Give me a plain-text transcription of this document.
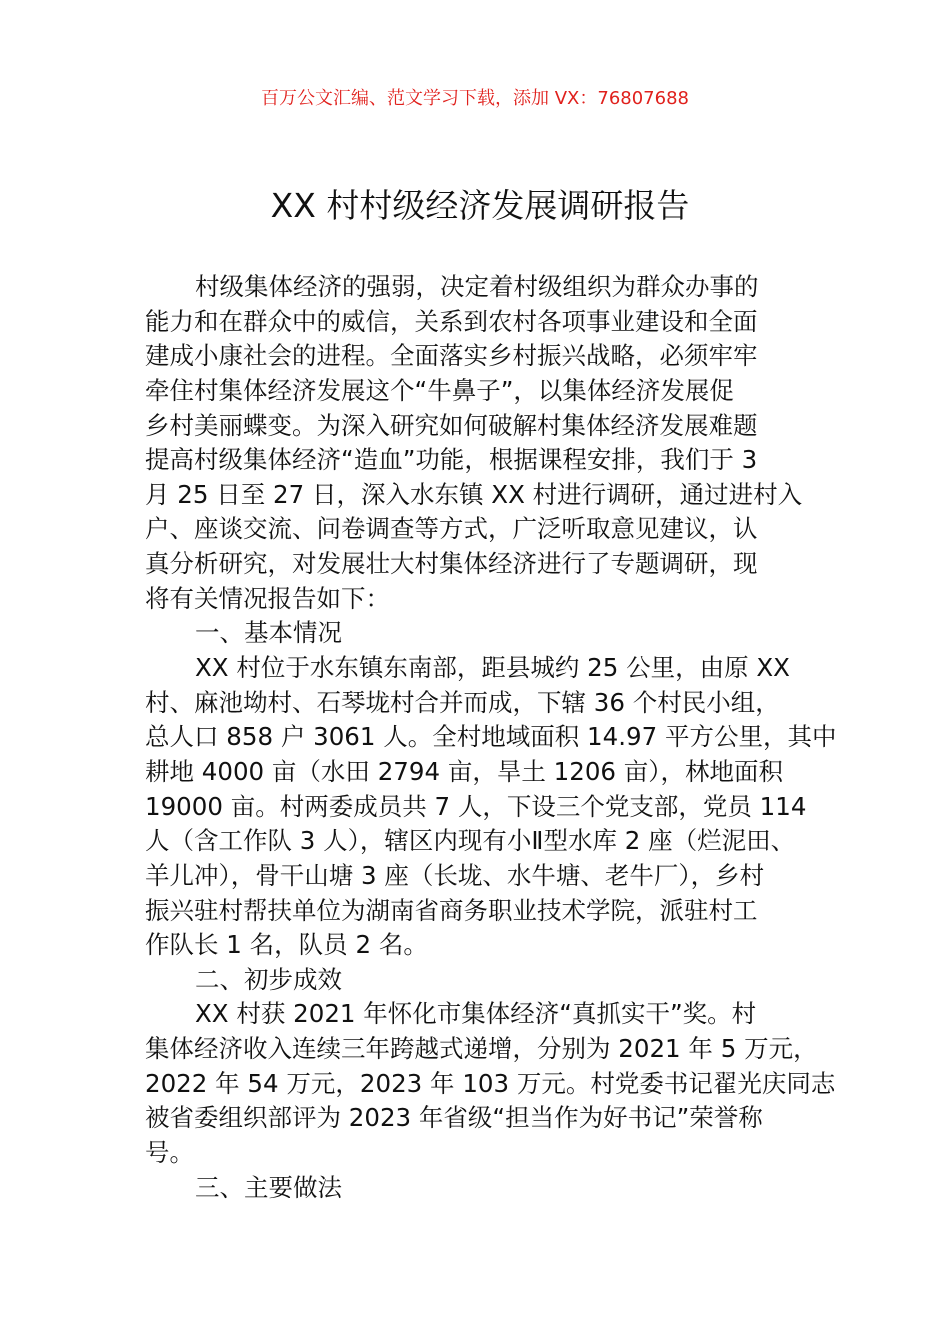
百万公文汇编、范文学习下载，添加 VX：76807688
XX 村村级经济发展调研报告
村级集体经济的强弱，决定着村级组织为群众办事的
能力和在群众中的威信，关系到农村各项事业建设和全面
建成小康社会的进程。全面落实乡村振兴战略，必须牢牢
牵住村集体经济发展这个“牛鼻子”，以集体经济发展促
乡村美丽蝶变。为深入研究如何破解村集体经济发展难题
提高村级集体经济“造血”功能，根据课程安排，我们于 3
月 25 日至 27 日，深入水东镇 XX 村进行调研，通过进村入
户、座谈交流、问卷调查等方式，广泛听取意见建议，认
真分析研究，对发展壮大村集体经济进行了专题调研，现
将有关情况报告如下：
一、基本情况
XX 村位于水东镇东南部，距县城约 25 公里，由原 XX
村、麻池坳村、石琴垅村合并而成，下辖 36 个村民小组，
总人口 858 户 3061 人。全村地域面积 14.97 平方公里，其中
耕地 4000 亩（水田 2794 亩，旱土 1206 亩），林地面积
19000 亩。村两委成员共 7 人，下设三个党支部，党员 114
人（含工作队 3 人），辖区内现有小Ⅱ型水库 2 座（烂泥田、
羊儿冲），骨干山塘 3 座（长垅、水牛塘、老牛厂），乡村
振兴驻村帮扶单位为湖南省商务职业技术学院，派驻村工
作队长 1 名，队员 2 名。
二、初步成效
XX 村获 2021 年怀化市集体经济“真抓实干”奖。村
集体经济收入连续三年跨越式递增，分别为 2021 年 5 万元，
2022 年 54 万元，2023 年 103 万元。村党委书记翟光庆同志
被省委组织部评为 2023 年省级“担当作为好书记”荣誉称
号。
三、主要做法
